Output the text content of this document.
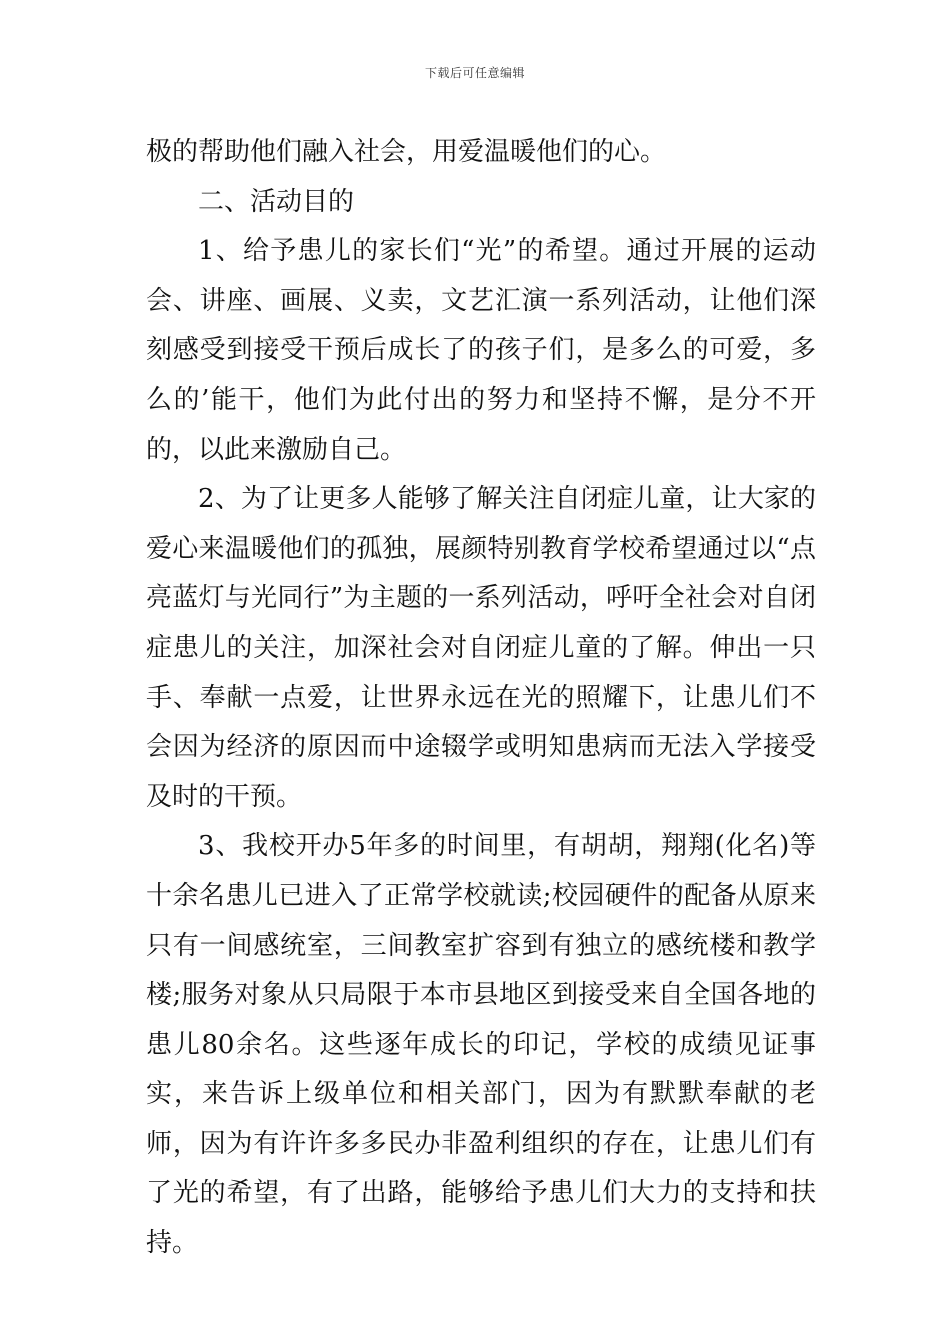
下载后可任意编辑

极的帮助他们融入社会，用爱温暖他们的心。

二、活动目的

1、给予患儿的家长们“光”的希望。通过开展的运动会、讲座、画展、义卖，文艺汇演一系列活动，让他们深刻感受到接受干预后成长了的孩子们，是多么的可爱，多么的’能干，他们为此付出的努力和坚持不懈，是分不开的，以此来激励自己。

2、为了让更多人能够了解关注自闭症儿童，让大家的爱心来温暖他们的孤独，展颜特别教育学校希望通过以“点亮蓝灯与光同行”为主题的一系列活动，呼吁全社会对自闭症患儿的关注，加深社会对自闭症儿童的了解。伸出一只手、奉献一点爱，让世界永远在光的照耀下，让患儿们不会因为经济的原因而中途辍学或明知患病而无法入学接受及时的干预。

3、我校开办5年多的时间里，有胡胡，翔翔(化名)等十余名患儿已进入了正常学校就读;校园硬件的配备从原来只有一间感统室，三间教室扩容到有独立的感统楼和教学楼;服务对象从只局限于本市县地区到接受来自全国各地的患儿80余名。这些逐年成长的印记，学校的成绩见证事实，来告诉上级单位和相关部门，因为有默默奉献的老师，因为有许许多多民办非盈利组织的存在，让患儿们有了光的希望，有了出路，能够给予患儿们大力的支持和扶持。
